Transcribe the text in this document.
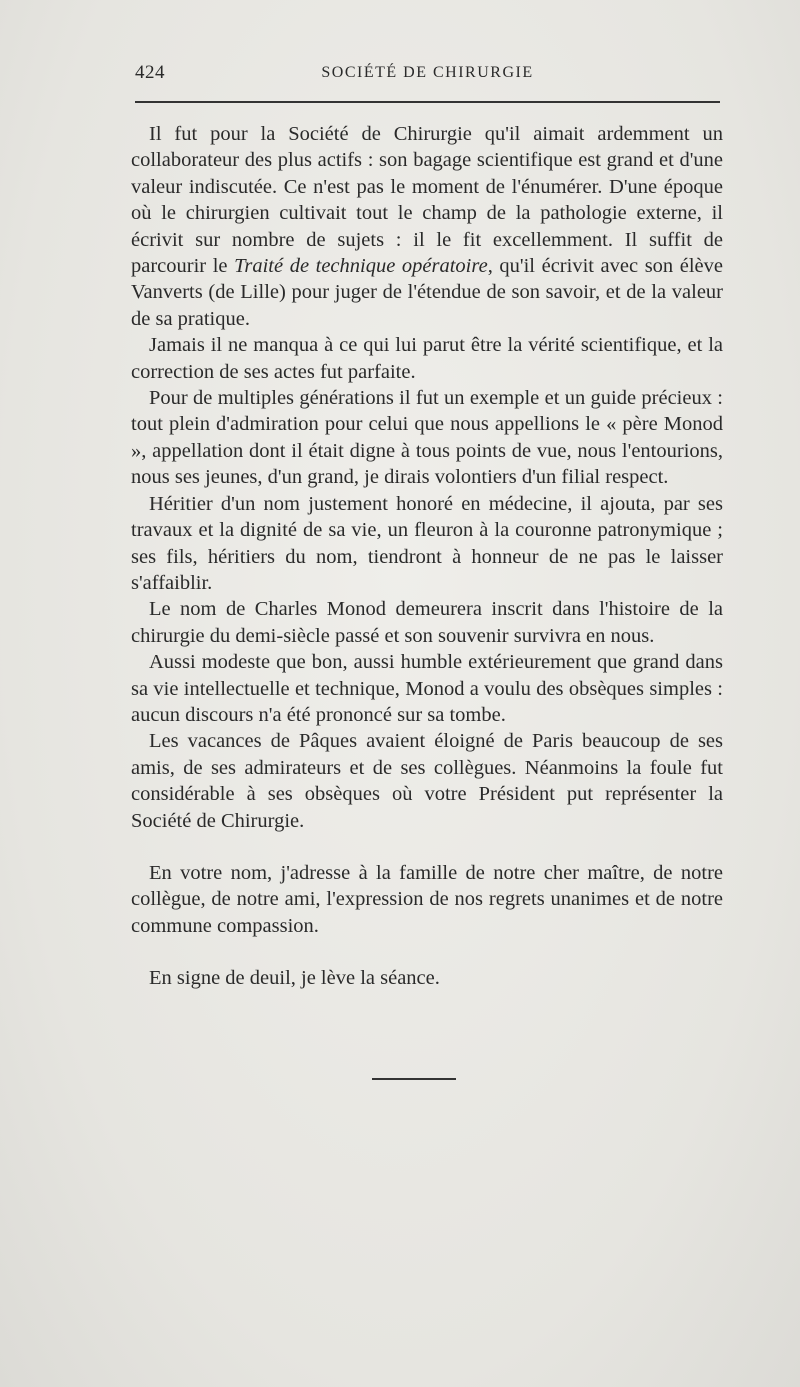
424	SOCIÉTÉ DE CHIRURGIE

Il fut pour la Société de Chirurgie qu'il aimait ardemment un collaborateur des plus actifs : son bagage scientifique est grand et d'une valeur indiscutée. Ce n'est pas le moment de l'énumérer. D'une époque où le chirurgien cultivait tout le champ de la pathologie externe, il écrivit sur nombre de sujets : il le fit excellemment. Il suffit de parcourir le Traité de technique opératoire, qu'il écrivit avec son élève Vanverts (de Lille) pour juger de l'étendue de son savoir, et de la valeur de sa pratique.

Jamais il ne manqua à ce qui lui parut être la vérité scientifique, et la correction de ses actes fut parfaite.

Pour de multiples générations il fut un exemple et un guide précieux : tout plein d'admiration pour celui que nous appellions le « père Monod », appellation dont il était digne à tous points de vue, nous l'entourions, nous ses jeunes, d'un grand, je dirais volontiers d'un filial respect.

Héritier d'un nom justement honoré en médecine, il ajouta, par ses travaux et la dignité de sa vie, un fleuron à la couronne patronymique ; ses fils, héritiers du nom, tiendront à honneur de ne pas le laisser s'affaiblir.

Le nom de Charles Monod demeurera inscrit dans l'histoire de la chirurgie du demi-siècle passé et son souvenir survivra en nous.

Aussi modeste que bon, aussi humble extérieurement que grand dans sa vie intellectuelle et technique, Monod a voulu des obsèques simples : aucun discours n'a été prononcé sur sa tombe.

Les vacances de Pâques avaient éloigné de Paris beaucoup de ses amis, de ses admirateurs et de ses collègues. Néanmoins la foule fut considérable à ses obsèques où votre Président put représenter la Société de Chirurgie.

En votre nom, j'adresse à la famille de notre cher maître, de notre collègue, de notre ami, l'expression de nos regrets unanimes et de notre commune compassion.

En signe de deuil, je lève la séance.
